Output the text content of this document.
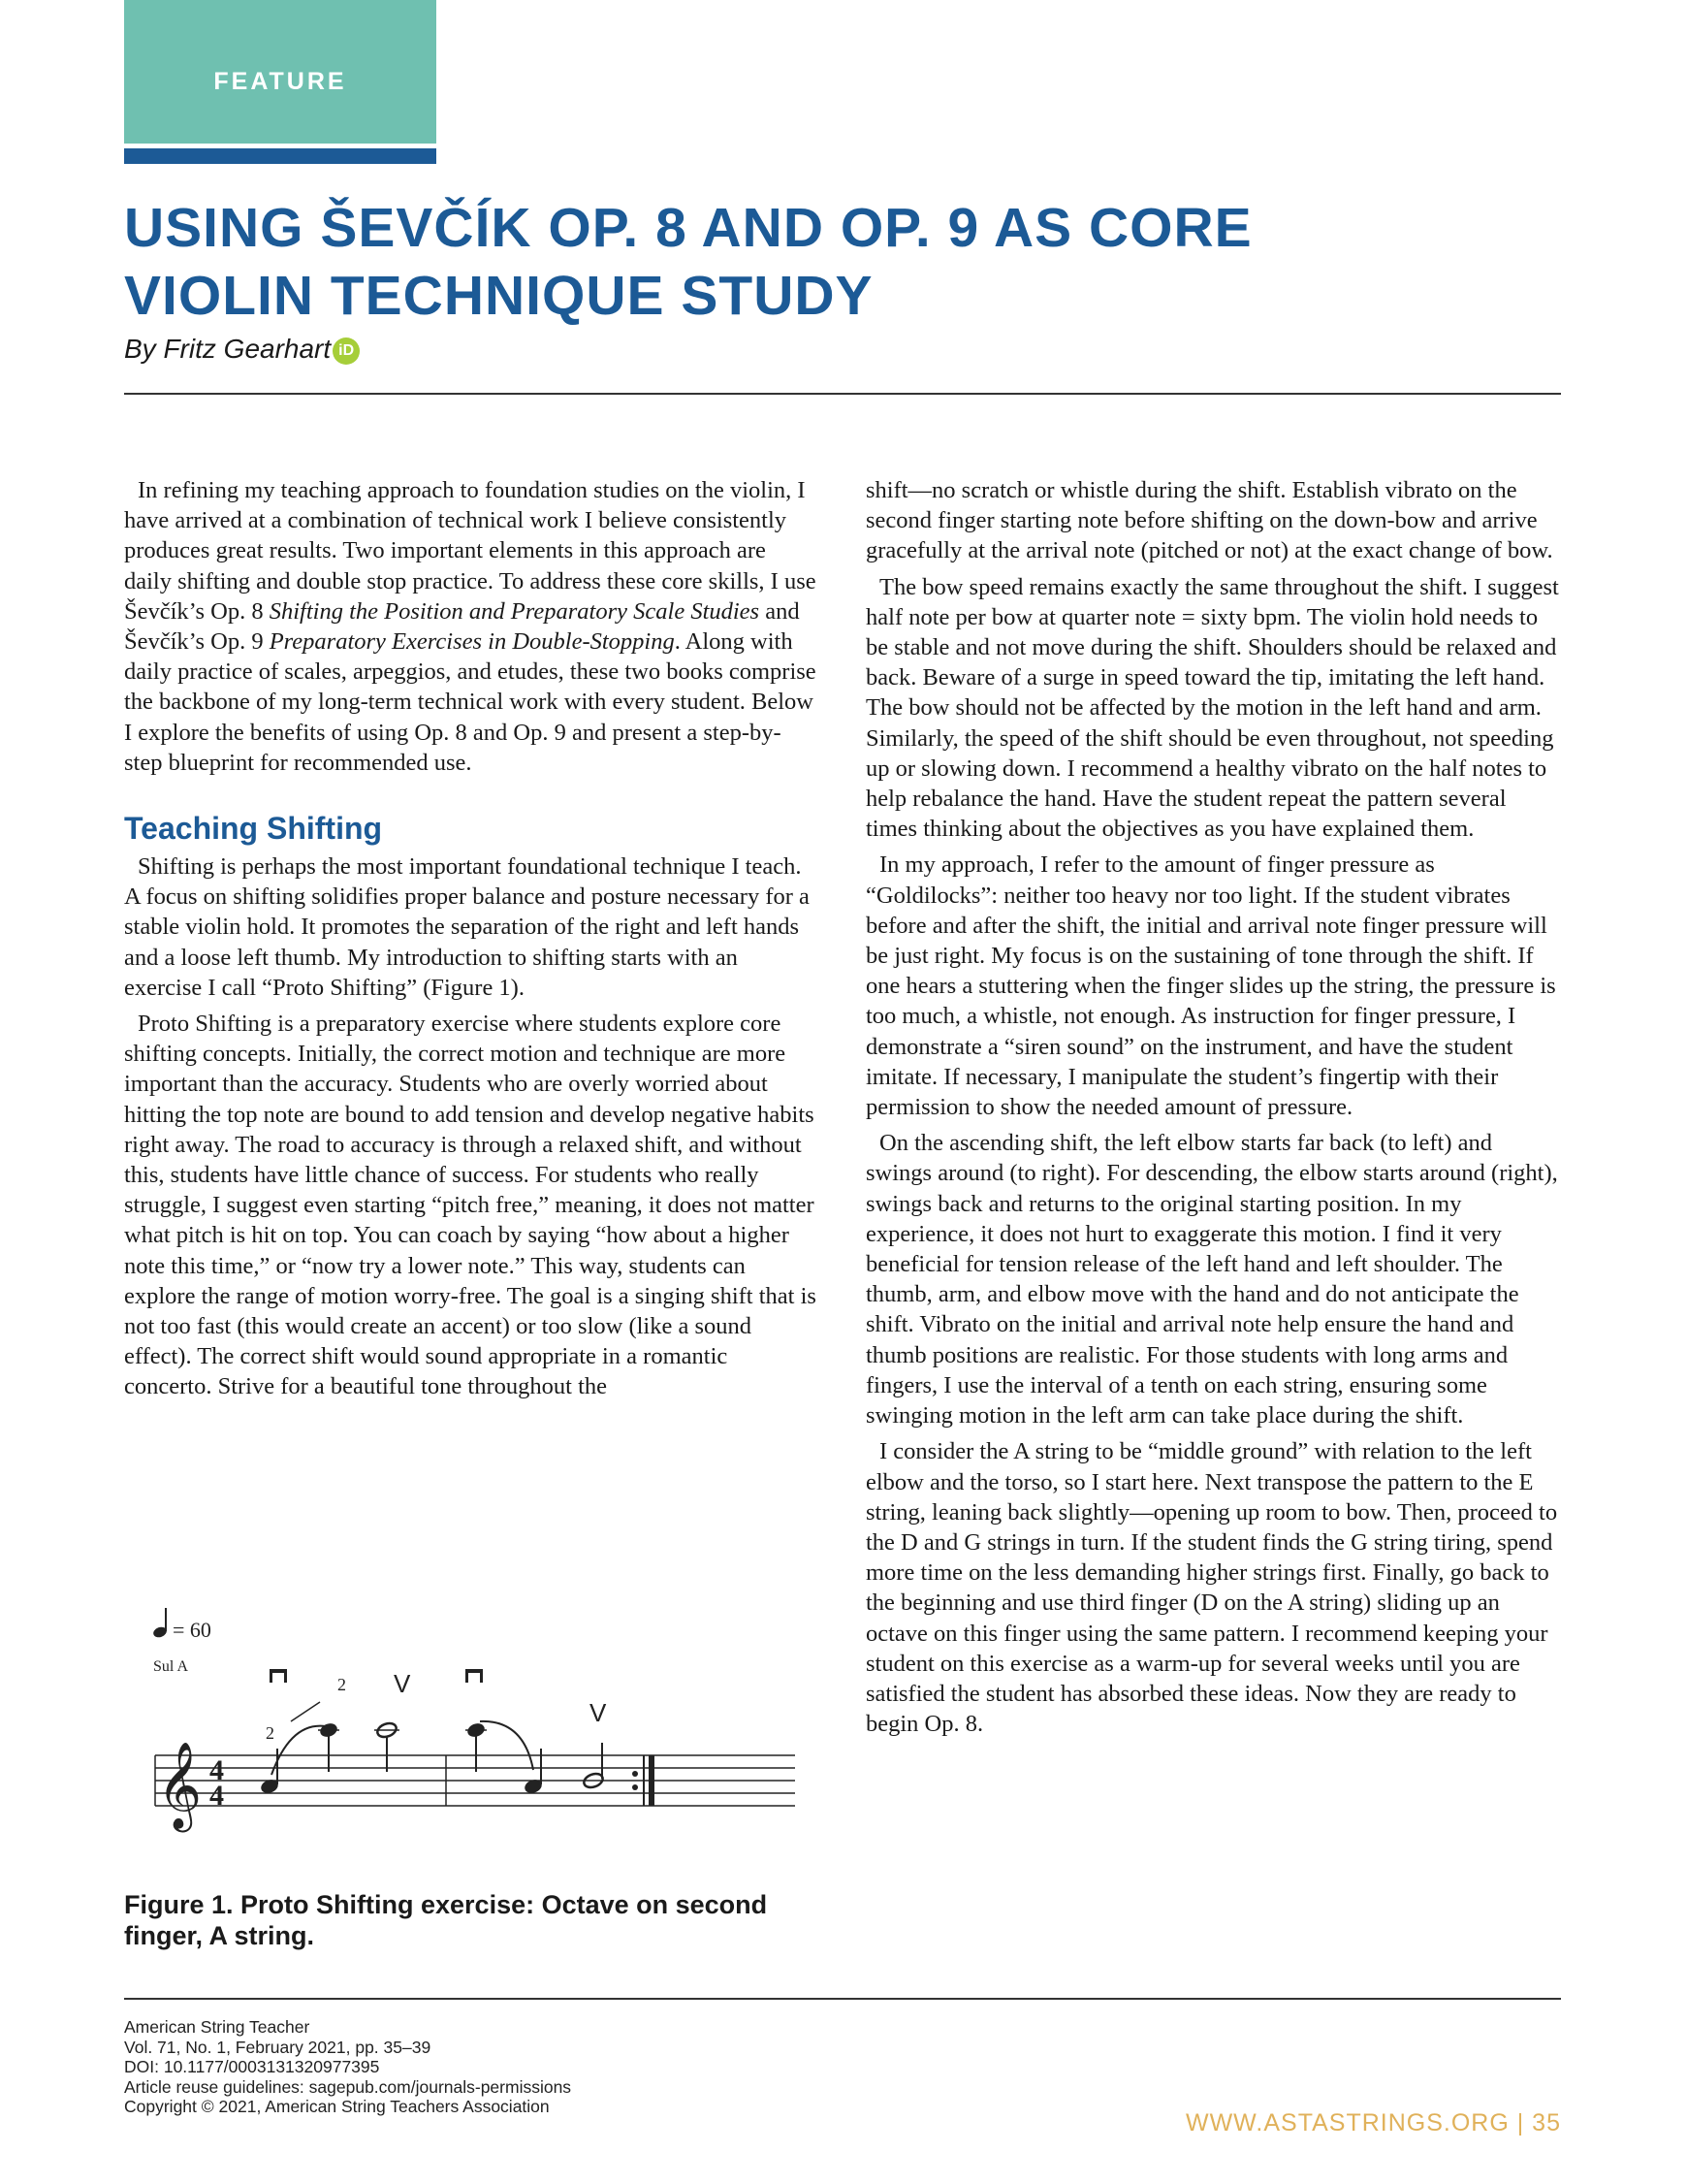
FEATURE
USING ŠEVČÍK OP. 8 AND OP. 9 AS CORE
VIOLIN TECHNIQUE STUDY
By Fritz Gearhart iD

In refining my teaching approach to foundation studies on the violin, I have arrived at a combination of technical work I believe consistently produces great results. Two important elements in this approach are daily shifting and double stop practice. To address these core skills, I use Ševčík’s Op. 8 Shifting the Position and Preparatory Scale Studies and Ševčík’s Op. 9 Preparatory Exercises in Double-Stopping. Along with daily practice of scales, arpeggios, and etudes, these two books comprise the backbone of my long-term technical work with every student. Below I explore the benefits of using Op. 8 and Op. 9 and present a step-by-step blueprint for recommended use.

Teaching Shifting

Shifting is perhaps the most important foundational technique I teach. A focus on shifting solidifies proper balance and posture necessary for a stable violin hold. It promotes the separation of the right and left hands and a loose left thumb. My introduction to shifting starts with an exercise I call “Proto Shifting” (Figure 1).

Proto Shifting is a preparatory exercise where students explore core shifting concepts. Initially, the correct motion and technique are more important than the accuracy. Students who are overly worried about hitting the top note are bound to add tension and develop negative habits right away. The road to accuracy is through a relaxed shift, and without this, students have little chance of success. For students who really struggle, I suggest even starting “pitch free,” meaning, it does not matter what pitch is hit on top. You can coach by saying “how about a higher note this time,” or “now try a lower note.” This way, students can explore the range of motion worry-free. The goal is a singing shift that is not too fast (this would create an accent) or too slow (like a sound effect). The correct shift would sound appropriate in a romantic concerto. Strive for a beautiful tone throughout the

shift—no scratch or whistle during the shift. Establish vibrato on the second finger starting note before shifting on the down-bow and arrive gracefully at the arrival note (pitched or not) at the exact change of bow.

The bow speed remains exactly the same throughout the shift. I suggest half note per bow at quarter note = sixty bpm. The violin hold needs to be stable and not move during the shift. Shoulders should be relaxed and back. Beware of a surge in speed toward the tip, imitating the left hand. The bow should not be affected by the motion in the left hand and arm. Similarly, the speed of the shift should be even throughout, not speeding up or slowing down. I recommend a healthy vibrato on the half notes to help rebalance the hand. Have the student repeat the pattern several times thinking about the objectives as you have explained them.

In my approach, I refer to the amount of finger pressure as “Goldilocks”: neither too heavy nor too light. If the student vibrates before and after the shift, the initial and arrival note finger pressure will be just right. My focus is on the sustaining of tone through the shift. If one hears a stuttering when the finger slides up the string, the pressure is too much, a whistle, not enough. As instruction for finger pressure, I demonstrate a “siren sound” on the instrument, and have the student imitate. If necessary, I manipulate the student’s fingertip with their permission to show the needed amount of pressure.

On the ascending shift, the left elbow starts far back (to left) and swings around (to right). For descending, the elbow starts around (right), swings back and returns to the original starting position. In my experience, it does not hurt to exaggerate this motion. I find it very beneficial for tension release of the left hand and left shoulder. The thumb, arm, and elbow move with the hand and do not anticipate the shift. Vibrato on the initial and arrival note help ensure the hand and thumb positions are realistic. For those students with long arms and fingers, I use the interval of a tenth on each string, ensuring some swinging motion in the left arm can take place during the shift.

I consider the A string to be “middle ground” with relation to the left elbow and the torso, so I start here. Next transpose the pattern to the E string, leaning back slightly—opening up room to bow. Then, proceed to the D and G strings in turn. If the student finds the G string tiring, spend more time on the less demanding higher strings first. Finally, go back to the beginning and use third finger (D on the A string) sliding up an octave on this finger using the same pattern. I recommend keeping your student on this exercise as a warm-up for several weeks until you are satisfied the student has absorbed these ideas. Now they are ready to begin Op. 8.

= 60
Sul A
𝄞 4
4
2
2 V
V
Figure 1. Proto Shifting exercise: Octave on second finger, A string.
American String Teacher
Vol. 71, No. 1, February 2021, pp. 35–39
DOI: 10.1177/0003131320977395
Article reuse guidelines: sagepub.com/journals-permissions
Copyright © 2021, American String Teachers Association
WWW.ASTASTRINGS.ORG | 35
